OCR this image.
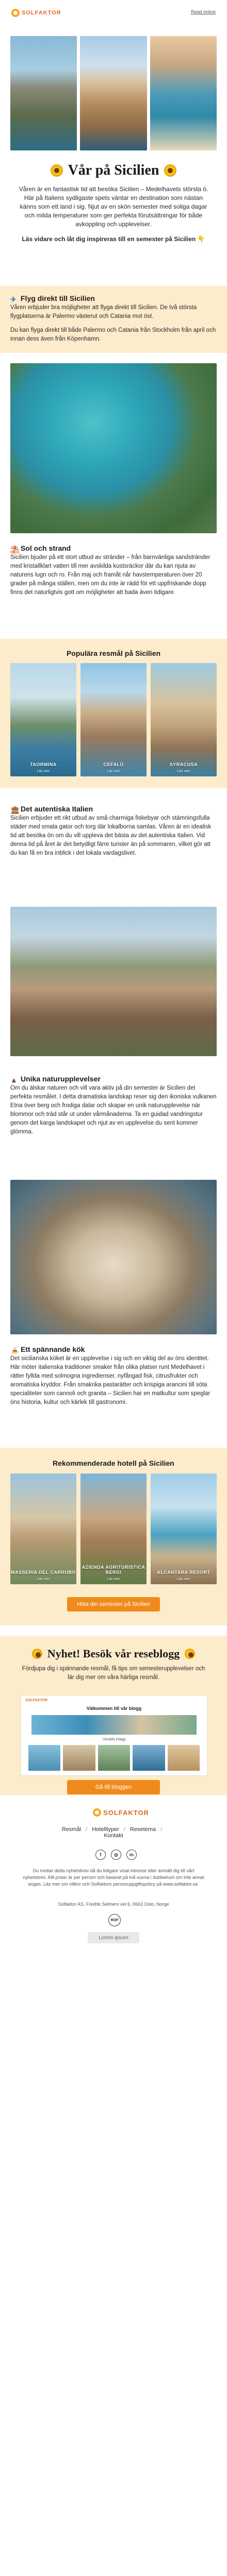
SOLFAKTOR	Read online
Vår på Sicilien

Våren är en fantastisk tid att besöka Sicilien – Medelhavets största ö. Här på Italiens sydligaste spets väntar en destination som nästan känns som ett land i sig. Njut av en skön semester med soliga dagar och milda temperaturer som ger perfekta förutsättningar för både avkoppling och upplevelser.

Läs vidare och låt dig inspireras till en semester på Sicilien 👇

✈ Flyg direkt till Sicilien
Våren erbjuder bra möjligheter att flyga direkt till Sicilien. De två största flygplatserna är Palermo västerut och Catania mot öst.
Du kan flyga direkt till både Palermo och Catania från Stockholm från april och innan dess även från Köpenhamn.
⛱ Sol och strand
Sicilien bjuder på ett stort utbud av stränder – från barnvänliga sandstränder med kristallklart vatten till mer avskilda kustsräckor där du kan njuta av naturens lugn och ro. Från maj och framåt når havstemperaturen över 20 grader på många ställen, men om du inte är rädd för ett uppfriskande dopp finns det naturligtvis gott om möjligheter att bada även tidigare.
Populära resmål på Sicilien
TAORMINA
Läs mer
CEFALÙ
Läs mer
SYRACUSA
Läs mer
🏛 Det autentiska Italien
Sicilien erbjuder ett rikt utbud av små charmiga fiskebyar och stämningsfulla städer med smala gator och torg där lokalborna samlas. Våren är en idealisk tid att besöka ön om du vill uppleva det bästa av det autentiska Italien. Vid denna tid på året är det betydligt färre turister än på sommaren, vilket gör att du kan få en bra inblick i det lokala vardagslivet.
▲ Unika naturupplevelser
Om du älskar naturen och vill vara aktiv på din semester är Sicilien det perfekta resmålet. I detta dramatiska landskap reser sig den ikoniska vulkanen Etna över berg och frodiga dalar och skapar en unik naturupplevelse när blommor och träd står ut under vårmånaderna. Ta en guidad vandringstur genom det karga landskapet och njut av en upplevelse du sent kommer glömma.
🍝 Ett spännande kök
Det sicilianska köket är en upplevelse i sig och en viktig del av öns identitet. Här möter italienska traditioner smaker från olika platser runt Medelhavet i rätter fyllda med solmogna ingredienser, nyfångad fisk, citrusfrukter och aromatiska kryddor. Från smakrika pastarätter och krispiga arancini till söta specialiteter som cannoli och granita – Sicilien har en matkultur som speglar öns historia, kultur och kärlek till gastronomi.
Rekommenderade hotell på Sicilien
MASSERIA DEL CARRUBO
Läs mer
AZIENDA AGRITURISTICA BERGI
Läs mer
ALCANTARA RESORT
Läs mer
Hitta din semester på Sicilien
Nyhet! Besök vår reseblogg
Fördjupa dig i spännande resmål, få tips om semesterupplevelser och lär dig mer om våra härliga resmål.
SOLFAKTOR
Välkommen till vår blogg
Utvalda inlägg
Gå till bloggen
SOLFAKTOR
Resmål / Hotelltyper / Resetema /
Kontakt
f	◎	in
Du mottar detta nyhetsbrev då du tidigare visat intresse eller anmält dig till vårt nyhetsbrev. Allt priser är per person och baserat på två vuxna i dubbelrum om inte annat anges. Läs mer om villkor och Solfaktors personuppgiftspolicy på www.solfaktor.se.
Solfaktor AS, Fredrik Selmers vei 6, 0663 Oslo, Norge
ROF
Lorem ipsum
